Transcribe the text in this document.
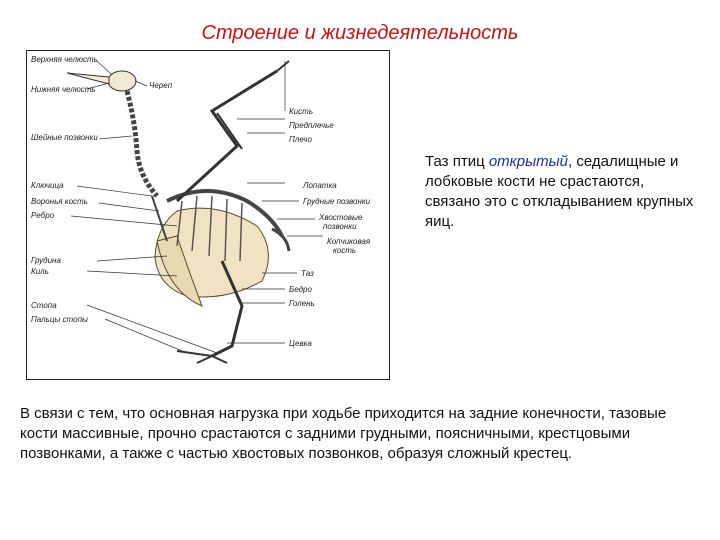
Строение и жизнедеятельность
Верхняя челюсть
Нижняя челюсть
Шейные позвонки
Ключица
Воронья кость
Ребро
Грудина
Киль
Стопа
Пальцы стопы
Череп
Кисть
Предплечье
Плечо
Лопатка
Грудные позвонки
Хвостовые
позвонки
Копчиковая
кость
Таз
Бедро
Голень
Цевка
Таз птиц открытый, седалищные и лобковые кости не срастаются, связано это с откладыванием крупных яиц.
В связи с тем, что основная нагрузка при ходьбе приходится на задние конечности, тазовые кости массивные, прочно срастаются с задними грудными, поясничными, крестцовыми позвонками, а также с частью хвостовых позвонков, образуя сложный крестец.
